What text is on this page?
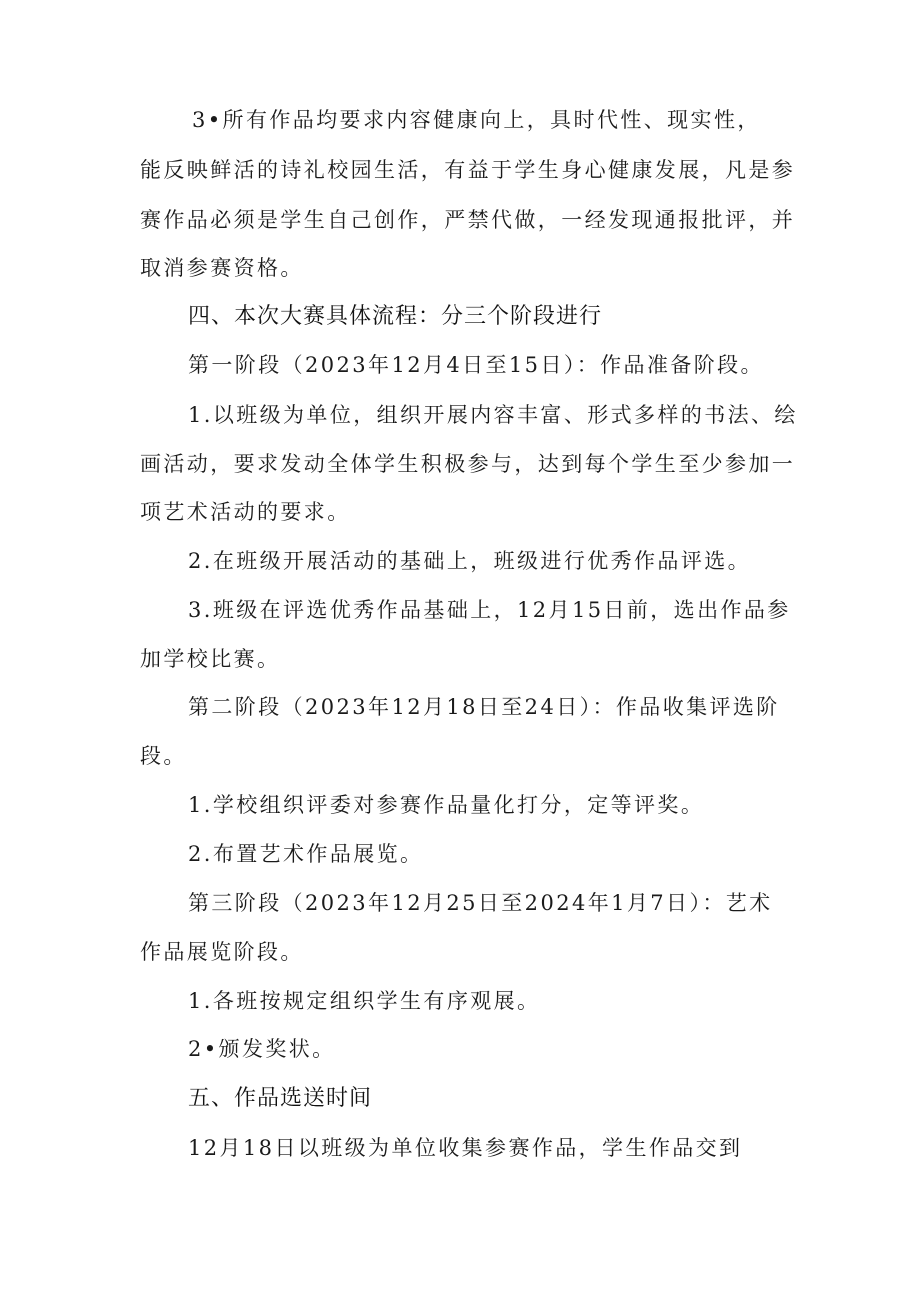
3•所有作品均要求内容健康向上，具时代性、现实性，
能反映鲜活的诗礼校园生活，有益于学生身心健康发展，凡是参
赛作品必须是学生自己创作，严禁代做，一经发现通报批评，并
取消参赛资格。
四、本次大赛具体流程：分三个阶段进行
第一阶段（2023年12月4日至15日）：作品准备阶段。
1.以班级为单位，组织开展内容丰富、形式多样的书法、绘
画活动，要求发动全体学生积极参与，达到每个学生至少参加一
项艺术活动的要求。
2.在班级开展活动的基础上，班级进行优秀作品评选。
3.班级在评选优秀作品基础上，12月15日前，选出作品参
加学校比赛。
第二阶段（2023年12月18日至24日）：作品收集评选阶
段。
1.学校组织评委对参赛作品量化打分，定等评奖。
2.布置艺术作品展览。
第三阶段（2023年12月25日至2024年1月7日）：艺术
作品展览阶段。
1.各班按规定组织学生有序观展。
2•颁发奖状。
五、作品选送时间
12月18日以班级为单位收集参赛作品，学生作品交到
